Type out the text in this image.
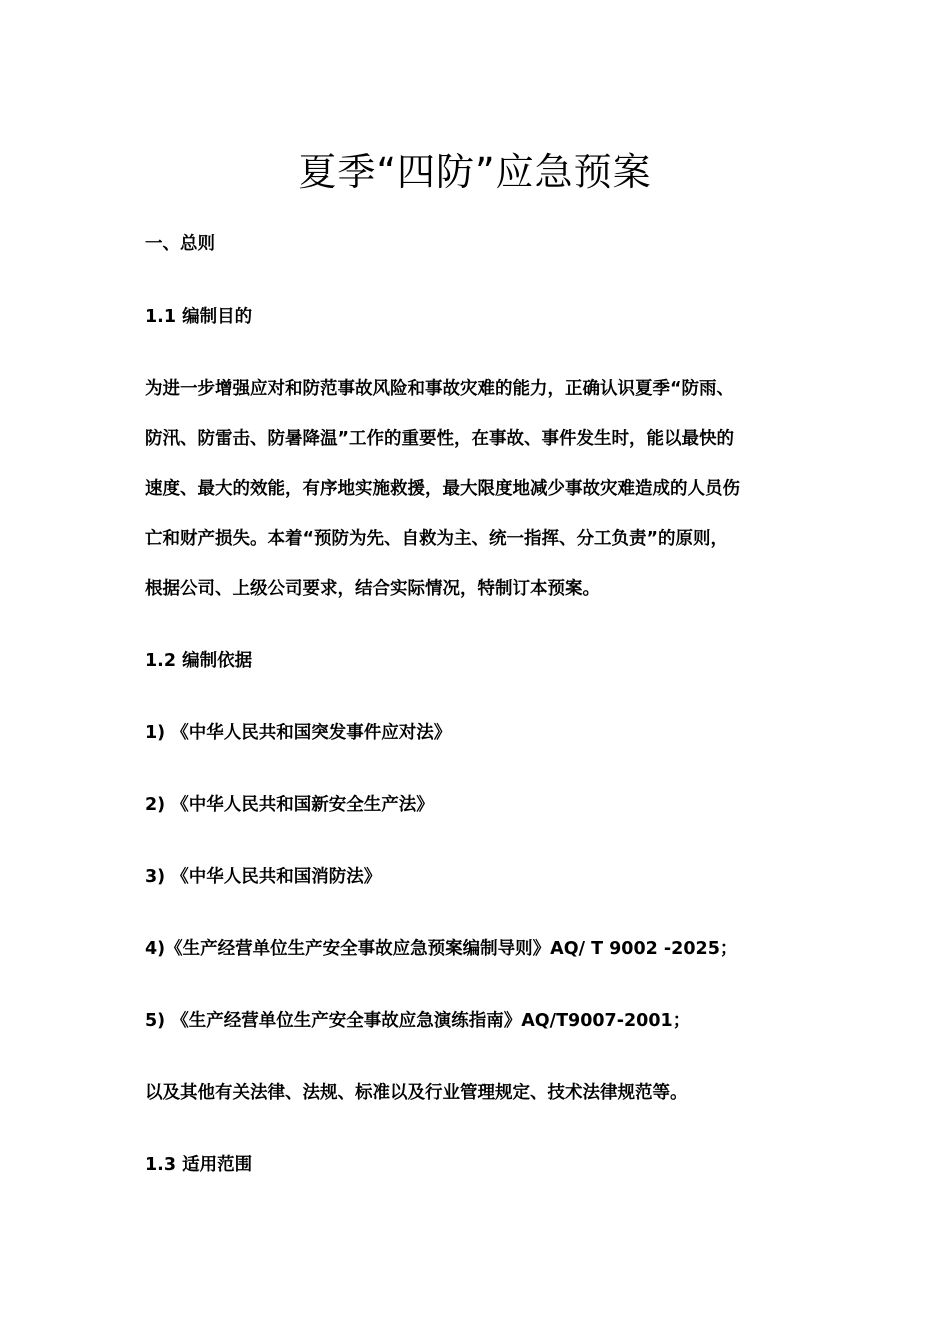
夏季“四防”应急预案
一、总则
1.1 编制目的
为进一步增强应对和防范事故风险和事故灾难的能力，正确认识夏季“防雨、
防汛、防雷击、防暑降温”工作的重要性，在事故、事件发生时，能以最快的
速度、最大的效能，有序地实施救援，最大限度地减少事故灾难造成的人员伤
亡和财产损失。本着“预防为先、自救为主、统一指挥、分工负责”的原则，
根据公司、上级公司要求，结合实际情况，特制订本预案。
1.2 编制依据
1) 《中华人民共和国突发事件应对法》
2) 《中华人民共和国新安全生产法》
3) 《中华人民共和国消防法》
4)《生产经营单位生产安全事故应急预案编制导则》AQ/ T 9002 -2025；
5) 《生产经营单位生产安全事故应急演练指南》AQ/T9007-2001；
以及其他有关法律、法规、标准以及行业管理规定、技术法律规范等。
1.3 适用范围
